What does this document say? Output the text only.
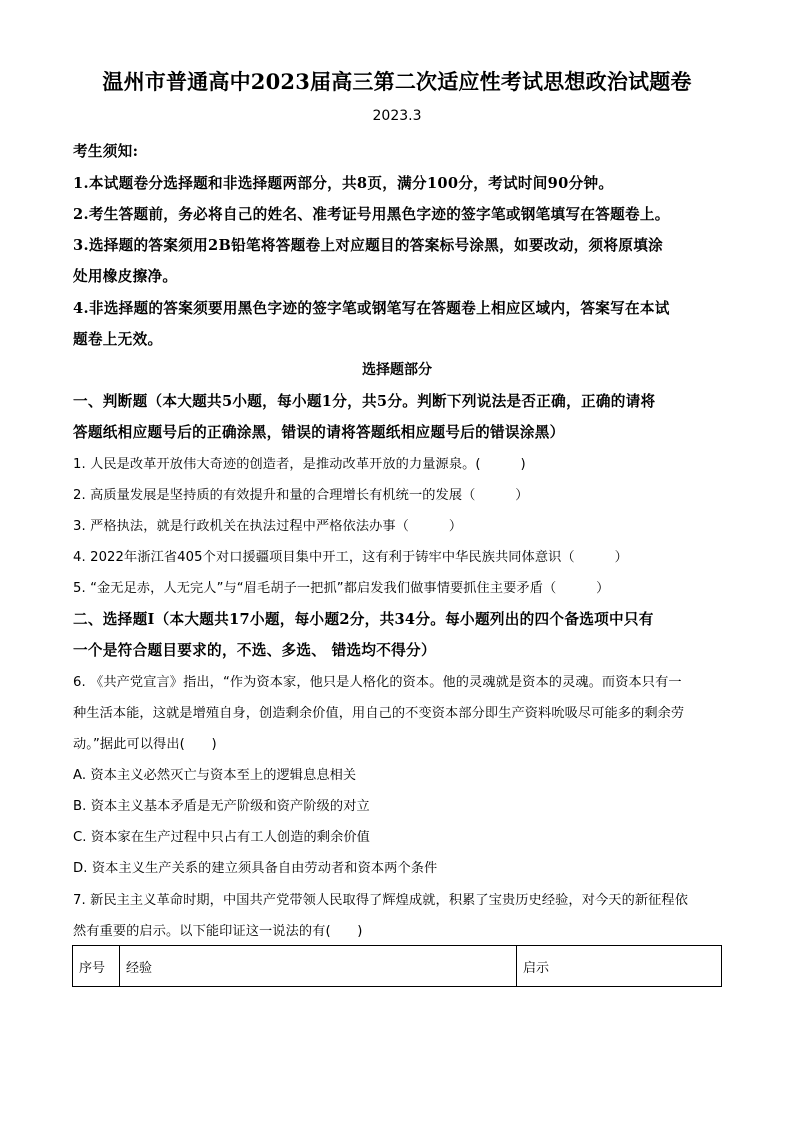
温州市普通高中2023届高三第二次适应性考试思想政治试题卷
2023.3
考生须知:
1.本试题卷分选择题和非选择题两部分，共8页，满分100分，考试时间90分钟。
2.考生答题前，务必将自己的姓名、准考证号用黑色字迹的签字笔或钢笔填写在答题卷上。
3.选择题的答案须用2B铅笔将答题卷上对应题目的答案标号涂黑，如要改动，须将原填涂
处用橡皮擦净。
4.非选择题的答案须要用黑色字迹的签字笔或钢笔写在答题卷上相应区域内，答案写在本试
题卷上无效。
选择题部分
一、判断题（本大题共5小题，每小题1分，共5分。判断下列说法是否正确，正确的请将
答题纸相应题号后的正确涂黑，错误的请将答题纸相应题号后的错误涂黑）
1. 人民是改革开放伟大奇迹的创造者，是推动改革开放的力量源泉。(　　　)
2. 高质量发展是坚持质的有效提升和量的合理增长有机统一的发展（　　　）
3. 严格执法，就是行政机关在执法过程中严格依法办事（　　　）
4. 2022年浙江省405个对口援疆项目集中开工，这有利于铸牢中华民族共同体意识（　　　）
5. “金无足赤，人无完人”与“眉毛胡子一把抓”都启发我们做事情要抓住主要矛盾（　　　）
二、选择题Ⅰ（本大题共17小题，每小题2分，共34分。每小题列出的四个备选项中只有
一个是符合题目要求的，不选、多选、 错选均不得分）
6. 《共产党宣言》指出，“作为资本家，他只是人格化的资本。他的灵魂就是资本的灵魂。而资本只有一
种生活本能，这就是增殖自身，创造剩余价值，用自己的不变资本部分即生产资料吮吸尽可能多的剩余劳
动。”据此可以得出(　　)
A. 资本主义必然灭亡与资本至上的逻辑息息相关
B. 资本主义基本矛盾是无产阶级和资产阶级的对立
C. 资本家在生产过程中只占有工人创造的剩余价值
D. 资本主义生产关系的建立须具备自由劳动者和资本两个条件
7. 新民主主义革命时期，中国共产党带领人民取得了辉煌成就，积累了宝贵历史经验，对今天的新征程依
然有重要的启示。以下能印证这一说法的有(　　)
序号	经验	启示
